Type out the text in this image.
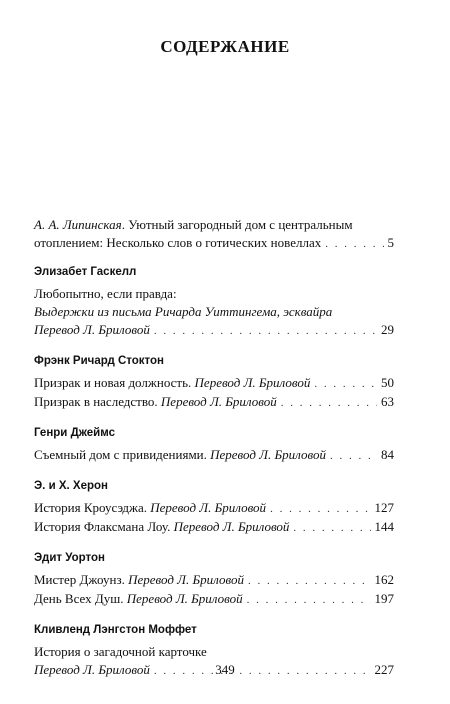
СОДЕРЖАНИЕ
А. А. Липинская. Уютный загородный дом с центральным
отоплением: Несколько слов о готических новеллах . . .	5
Элизабет Гаскелл
Любопытно, если правда:
Выдержки из письма Ричарда Уиттингема, эсквайра
Перевод Л. Бриловой . . .	29
Фрэнк Ричард Стоктон
Призрак и новая должность. Перевод Л. Бриловой . . .	50
Призрак в наследство. Перевод Л. Бриловой . . .	63
Генри Джеймс
Съемный дом с привидениями. Перевод Л. Бриловой . . .	84
Э. и Х. Херон
История Кроусэджа. Перевод Л. Бриловой . . .	127
История Флаксмана Лоу. Перевод Л. Бриловой . . .	144
Эдит Уортон
Мистер Джоунз. Перевод Л. Бриловой . . .	162
День Всех Душ. Перевод Л. Бриловой . . .	197
Кливленд Лэнгстон Моффет
История о загадочной карточке
Перевод Л. Бриловой . . .	227
349
